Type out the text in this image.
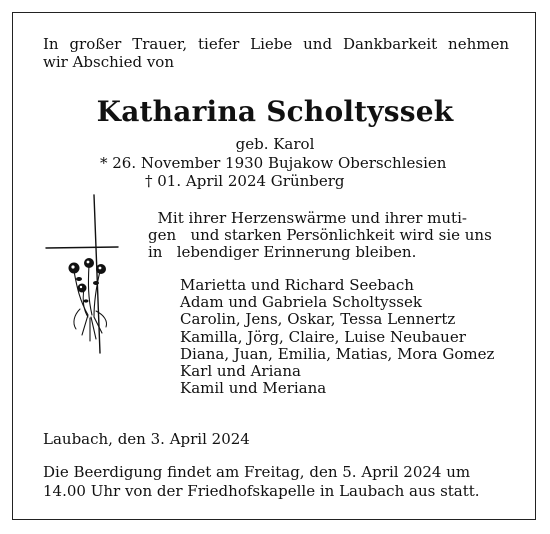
In großer Trauer, tiefer Liebe und Dankbarkeit nehmen
wir Abschied von
Katharina Scholtyssek
geb. Karol
* 26. November 1930 Bujakow Oberschlesien
† 01. April 2024 Grünberg
Mit ihrer Herzenswärme und ihrer muti-
gen   und starken Persönlichkeit wird sie uns
in   lebendiger Erinnerung bleiben.
Marietta und Richard Seebach
Adam und Gabriela Scholtyssek
Carolin, Jens, Oskar, Tessa Lennertz
Kamilla, Jörg, Claire, Luise Neubauer
Diana, Juan, Emilia, Matias, Mora Gomez
Karl und Ariana
Kamil und Meriana
Laubach, den 3. April 2024
Die Beerdigung findet am Freitag, den 5. April 2024 um
14.00 Uhr von der Friedhofskapelle in Laubach aus statt.
